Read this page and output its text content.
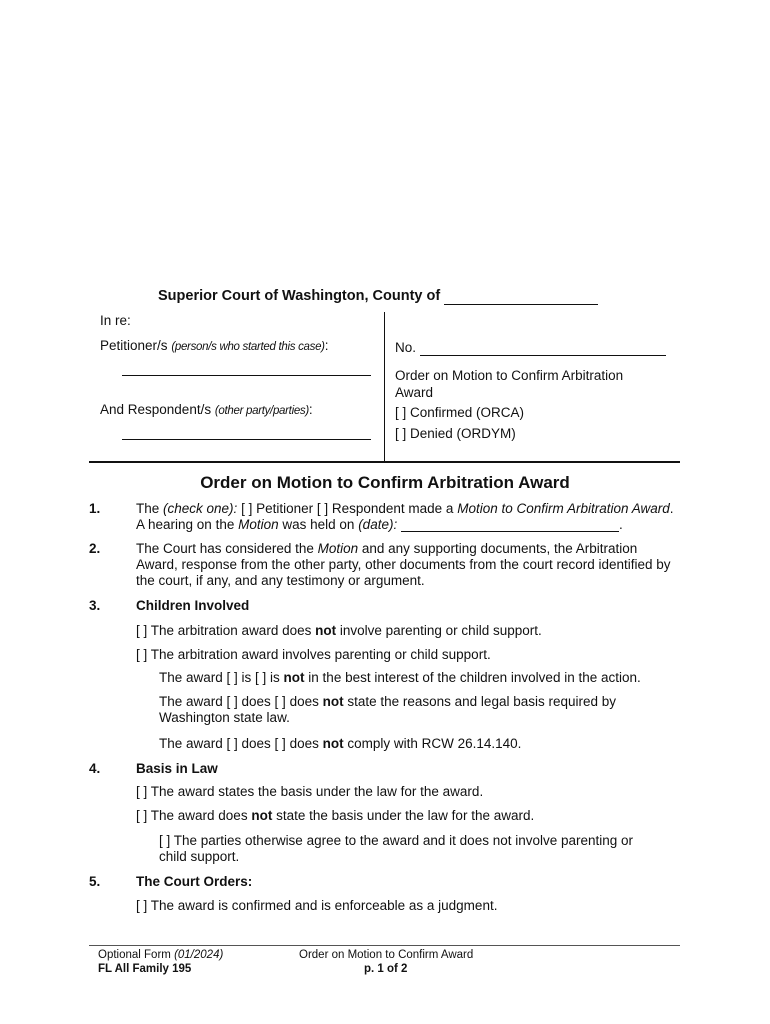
Superior Court of Washington, County of
In re:
Petitioner/s (person/s who started this case):
And Respondent/s (other party/parties):
No.
Order on Motion to Confirm Arbitration
Award
[ ] Confirmed (ORCA)
[ ] Denied (ORDYM)
Order on Motion to Confirm Arbitration Award
1.	The (check one): [ ] Petitioner [ ] Respondent made a Motion to Confirm Arbitration Award. A hearing on the Motion was held on (date):	.
2.	The Court has considered the Motion and any supporting documents, the Arbitration Award, response from the other party, other documents from the court record identified by the court, if any, and any testimony or argument.
3.	Children Involved
[ ] The arbitration award does not involve parenting or child support.
[ ] The arbitration award involves parenting or child support.
The award [ ] is [ ] is not in the best interest of the children involved in the action.
The award [ ] does [ ] does not state the reasons and legal basis required by Washington state law.
The award [ ] does [ ] does not comply with RCW 26.14.140.
4.	Basis in Law
[ ] The award states the basis under the law for the award.
[ ] The award does not state the basis under the law for the award.
[ ] The parties otherwise agree to the award and it does not involve parenting or child support.
5.	The Court Orders:
[ ] The award is confirmed and is enforceable as a judgment.
Optional Form (01/2024)
FL All Family 195
Order on Motion to Confirm Award
p. 1 of 2
